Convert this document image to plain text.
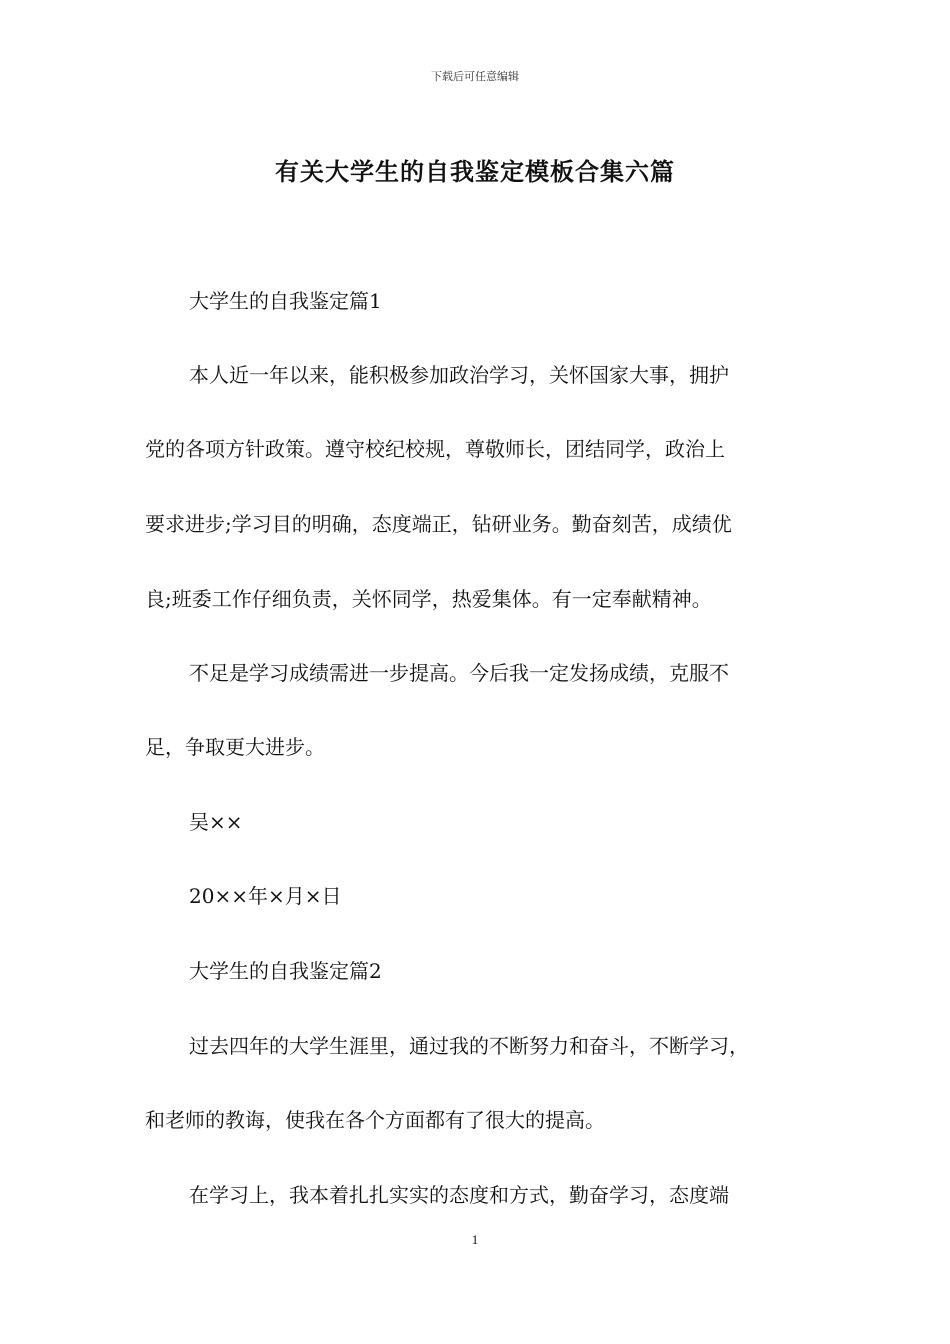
下载后可任意编辑
有关大学生的自我鉴定模板合集六篇
大学生的自我鉴定篇1
本人近一年以来，能积极参加政治学习，关怀国家大事，拥护
党的各项方针政策。遵守校纪校规，尊敬师长，团结同学，政治上
要求进步;学习目的明确，态度端正，钻研业务。勤奋刻苦，成绩优
良;班委工作仔细负责，关怀同学，热爱集体。有一定奉献精神。
不足是学习成绩需进一步提高。今后我一定发扬成绩，克服不
足，争取更大进步。
吴××
20××年×月×日
大学生的自我鉴定篇2
过去四年的大学生涯里，通过我的不断努力和奋斗，不断学习，
和老师的教诲，使我在各个方面都有了很大的提高。
在学习上，我本着扎扎实实的态度和方式，勤奋学习，态度端
1
